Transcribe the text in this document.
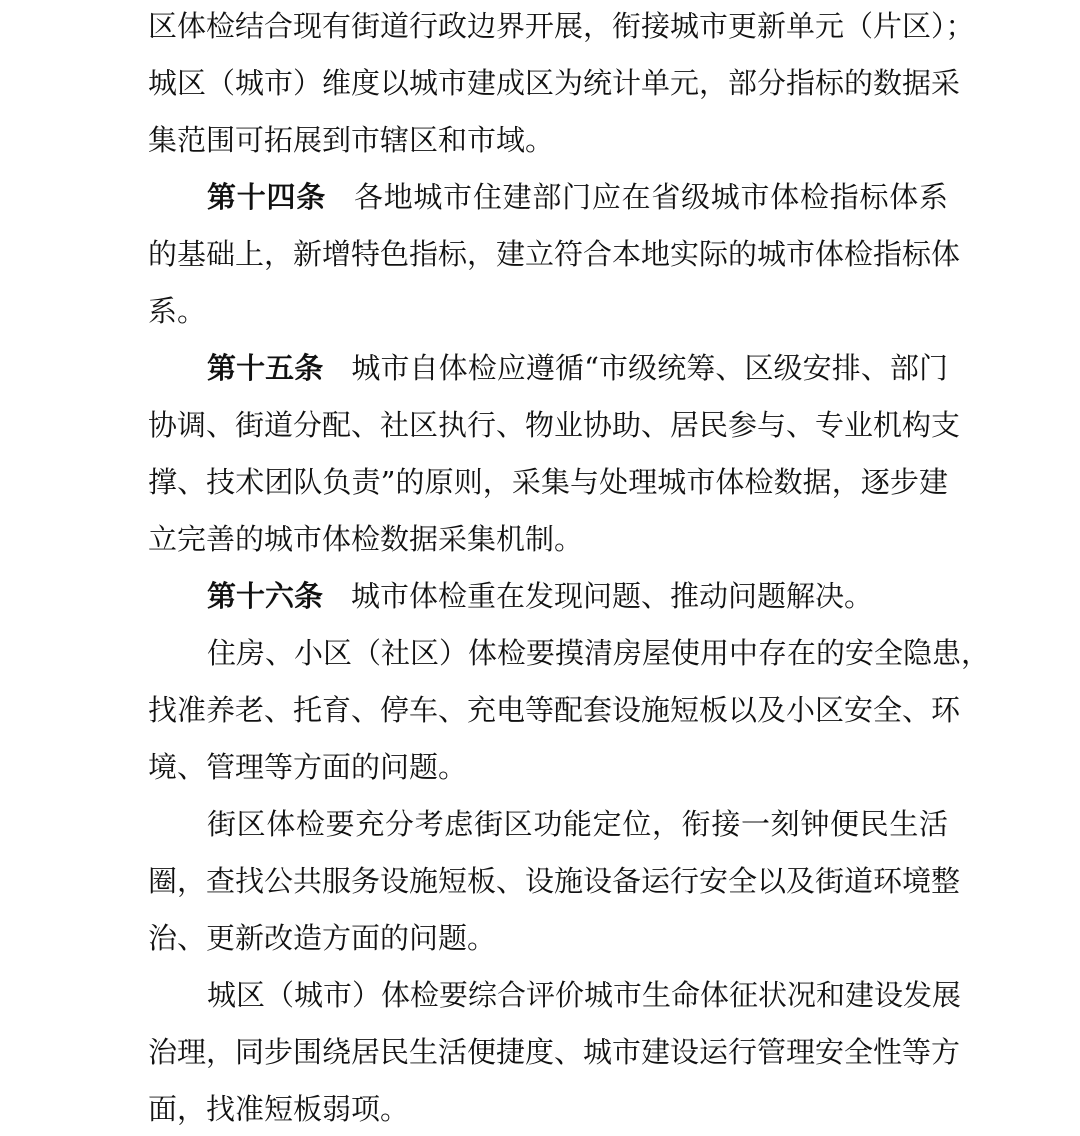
区体检结合现有街道行政边界开展，衔接城市更新单元（片区）；
城区（城市）维度以城市建成区为统计单元，部分指标的数据采
集范围可拓展到市辖区和市域。
第十四条 各地城市住建部门应在省级城市体检指标体系
的基础上，新增特色指标，建立符合本地实际的城市体检指标体
系。
第十五条 城市自体检应遵循“市级统筹、区级安排、部门
协调、街道分配、社区执行、物业协助、居民参与、专业机构支
撑、技术团队负责”的原则，采集与处理城市体检数据，逐步建
立完善的城市体检数据采集机制。
第十六条 城市体检重在发现问题、推动问题解决。
住房、小区（社区）体检要摸清房屋使用中存在的安全隐患，
找准养老、托育、停车、充电等配套设施短板以及小区安全、环
境、管理等方面的问题。
街区体检要充分考虑街区功能定位，衔接一刻钟便民生活
圈，查找公共服务设施短板、设施设备运行安全以及街道环境整
治、更新改造方面的问题。
城区（城市）体检要综合评价城市生命体征状况和建设发展
治理，同步围绕居民生活便捷度、城市建设运行管理安全性等方
面，找准短板弱项。
